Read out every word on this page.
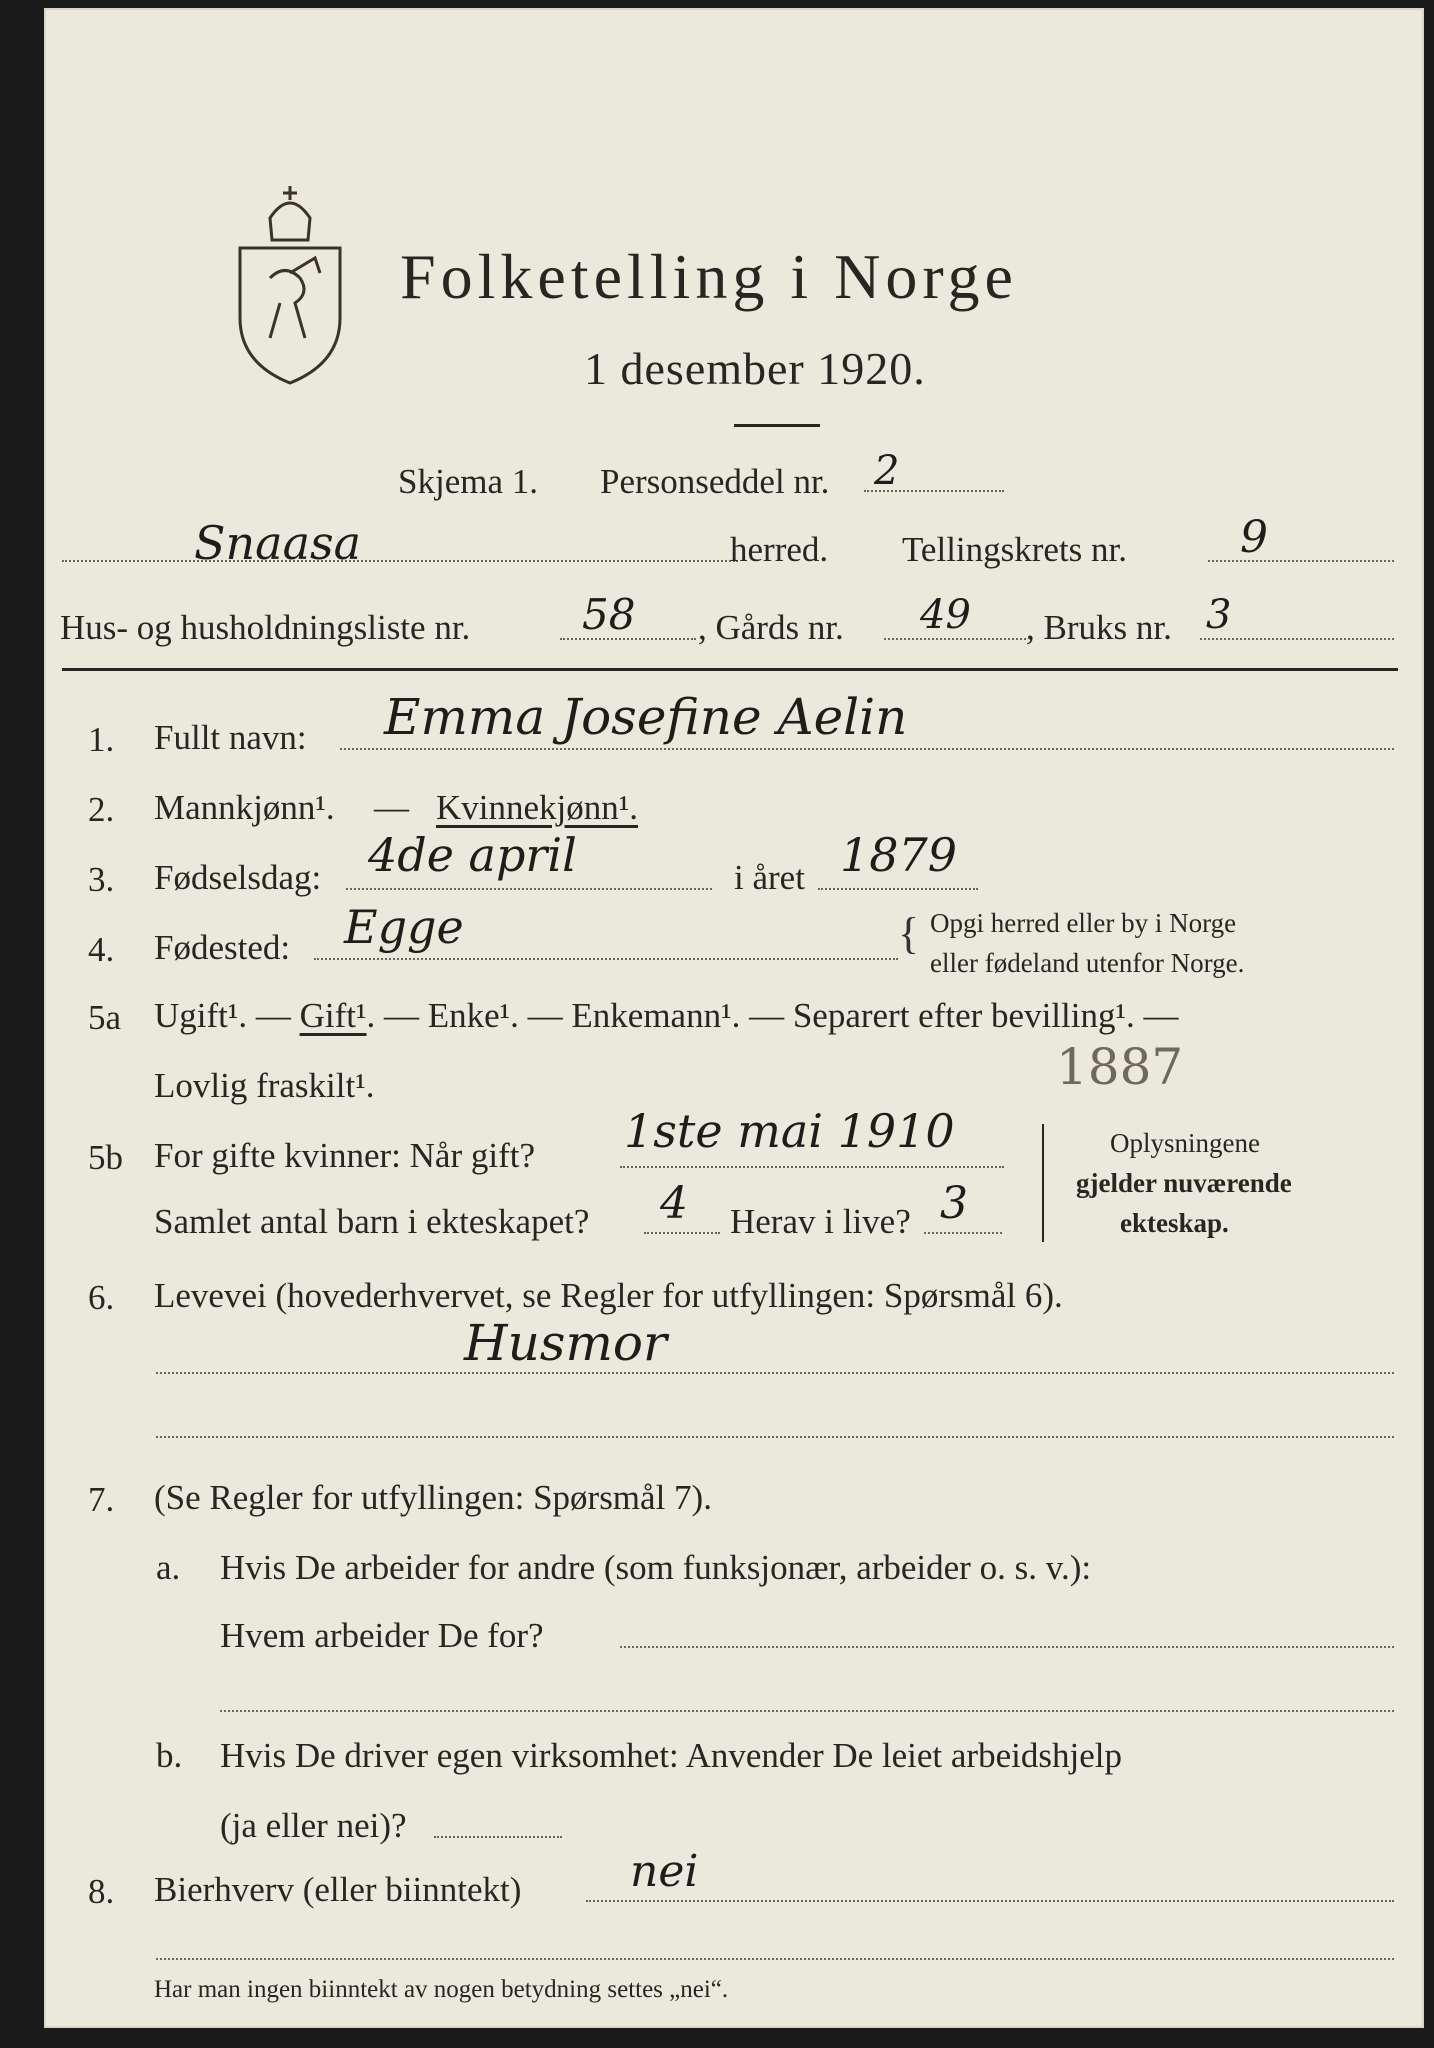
Folketelling i Norge
1 desember 1920.
Skjema 1. Personseddel nr. 2
Snaasa	herred. Tellingskrets nr.	9
Hus- og husholdningsliste nr.	58 , Gårds nr. 49 , Bruks nr. 3
1. Fullt navn: Emma Josefine Aelin
2. Mannkjønn¹. — Kvinnekjønn¹.
3. Fødselsdag: 4de april	i året 1879
4. Fødested: Egge	{ Opgi herred eller by i Norge
eller fødeland utenfor Norge.
5a Ugift¹. — Gift¹. — Enke¹. — Enkemann¹. — Separert efter bevilling¹. —
Lovlig fraskilt¹.	1887
5b For gifte kvinner: Når gift? 1ste mai 1910
Samlet antal barn i ekteskapet? 4 Herav i live? 3
Oplysningene
gjelder nuværende
ekteskap.
6. Levevei (hovederhvervet, se Regler for utfyllingen: Spørsmål 6).
Husmor
7. (Se Regler for utfyllingen: Spørsmål 7).
a. Hvis De arbeider for andre (som funksjonær, arbeider o. s. v.):
Hvem arbeider De for?
b. Hvis De driver egen virksomhet: Anvender De leiet arbeidshjelp
(ja eller nei)?
8. Bierhverv (eller biinntekt) nei
Har man ingen biinntekt av nogen betydning settes „nei“.
